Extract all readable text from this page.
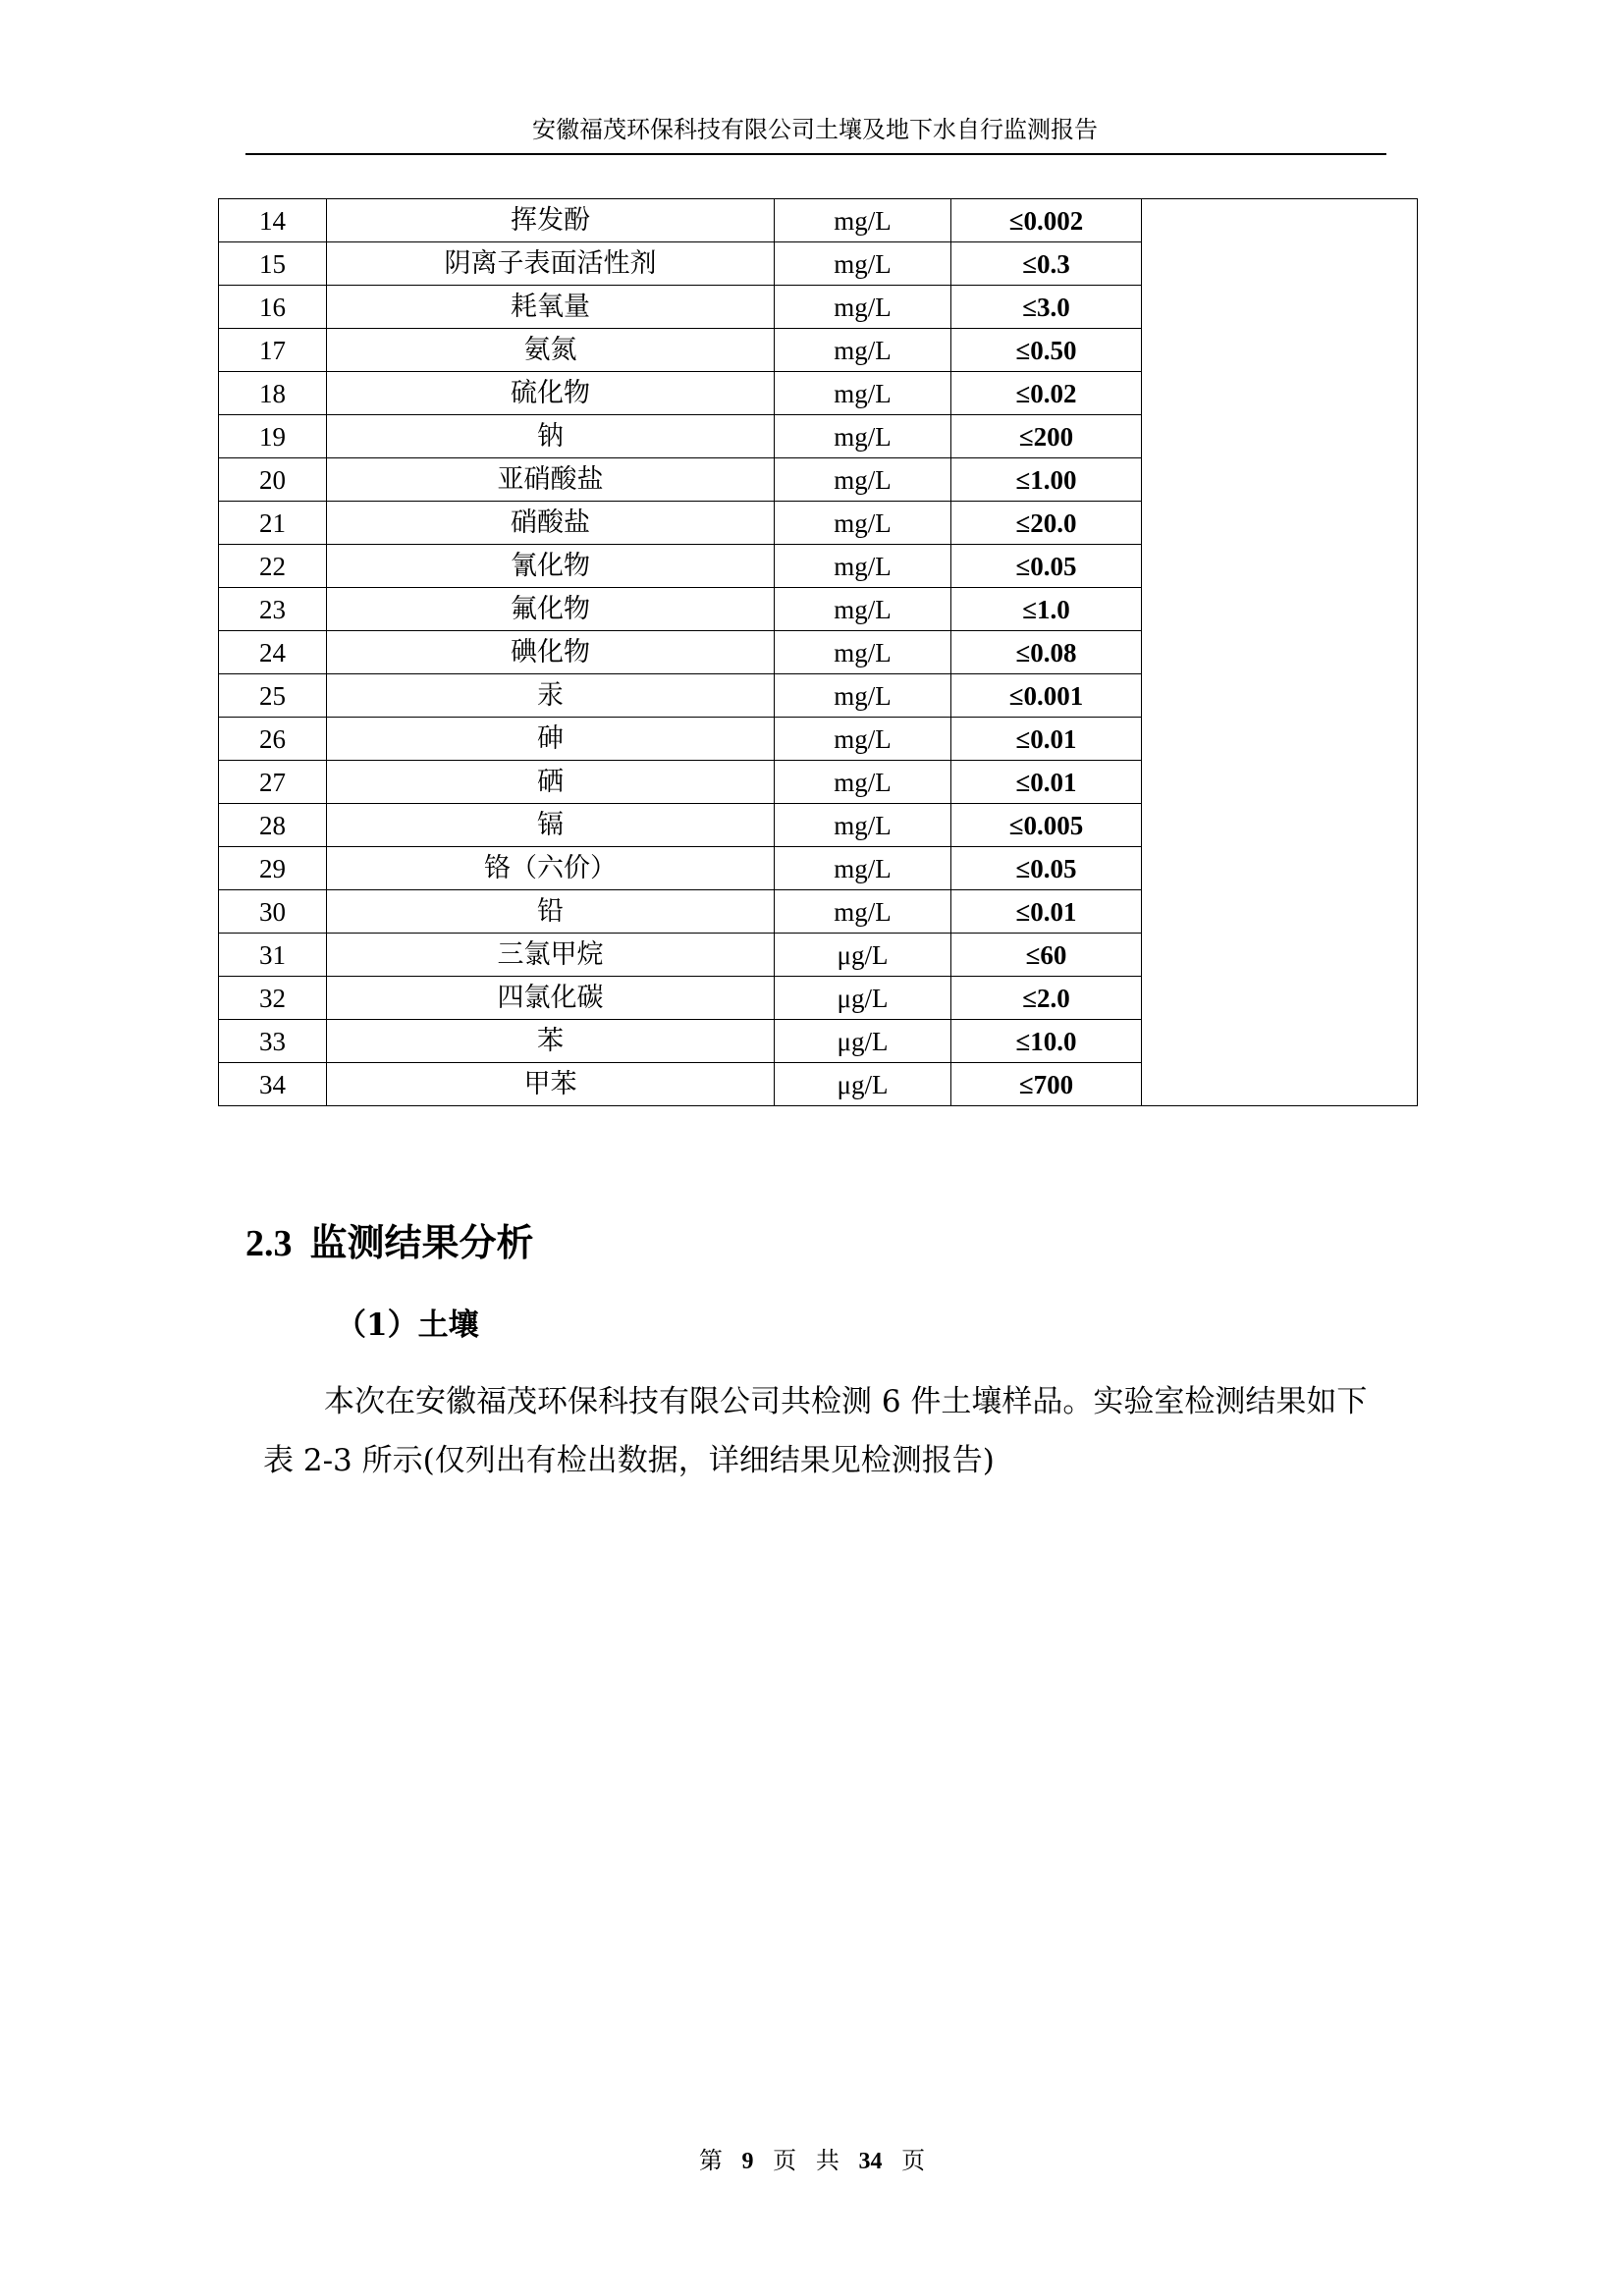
安徽福茂环保科技有限公司土壤及地下水自行监测报告
14	挥发酚	mg/L	≤0.002	
15	阴离子表面活性剂	mg/L	≤0.3	
16	耗氧量	mg/L	≤3.0	
17	氨氮	mg/L	≤0.50	
18	硫化物	mg/L	≤0.02	
19	钠	mg/L	≤200	
20	亚硝酸盐	mg/L	≤1.00	
21	硝酸盐	mg/L	≤20.0	
22	氰化物	mg/L	≤0.05	
23	氟化物	mg/L	≤1.0	
24	碘化物	mg/L	≤0.08	
25	汞	mg/L	≤0.001	
26	砷	mg/L	≤0.01	
27	硒	mg/L	≤0.01	
28	镉	mg/L	≤0.005	
29	铬（六价）	mg/L	≤0.05	
30	铅	mg/L	≤0.01	
31	三氯甲烷	μg/L	≤60	
32	四氯化碳	μg/L	≤2.0	
33	苯	μg/L	≤10.0	
34	甲苯	μg/L	≤700	
2.3 监测结果分析
（1）土壤
本次在安徽福茂环保科技有限公司共检测 6 件土壤样品。实验室检测结果如下表 2-3 所示(仅列出有检出数据，详细结果见检测报告)
第 9 页 共 34 页
